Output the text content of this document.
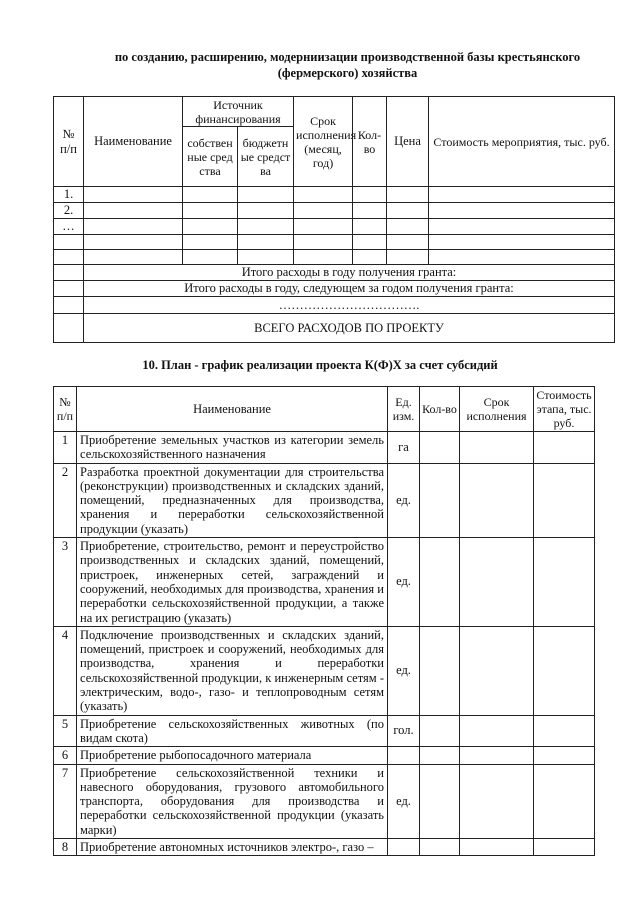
по созданию, расширению, модерниизации производственной базы крестьянского
(фермерского) хозяйства
№ п/п	Наименование	Источник финансирования		Срок исполнения (месяц, год)	Кол-во	Цена	Стоимость мероприятия, тыс. руб.
		собственные средства	бюджетные средства				
1.							
2.							
…							

	Итого расходы в году получения гранта:						
	Итого расходы в году, следующем за годом получения гранта:						
	…………………………….						
	ВСЕГО РАСХОДОВ ПО ПРОЕКТУ						
10. План - график реализации проекта К(Ф)Х за счет субсидий
№ п/п	Наименование	Ед. изм.	Кол-во	Срок исполнения	Стоимость этапа, тыс. руб.
1	Приобретение земельных участков из категории земель сельскохозяйственного назначения	га			
2	Разработка проектной документации для строительства (реконструкции) производственных и складских зданий, помещений, предназначенных для производства, хранения и переработки сельскохозяйственной продукции (указать)	ед.			
3	Приобретение, строительство, ремонт и переустройство производственных и складских зданий, помещений, пристроек, инженерных сетей, заграждений и сооружений, необходимых для производства, хранения и переработки сельскохозяйственной продукции, а также на их регистрацию (указать)	ед.			
4	Подключение производственных и складских зданий, помещений, пристроек и сооружений, необходимых для производства, хранения и переработки сельскохозяйственной продукции, к инженерным сетям - электрическим, водо-, газо- и теплопроводным сетям (указать)	ед.			
5	Приобретение сельскохозяйственных животных (по видам скота)	гол.			
6	Приобретение рыбопосадочного материала				
7	Приобретение сельскохозяйственной техники и навесного оборудования, грузового автомобильного транспорта, оборудования для производства и переработки сельскохозяйственной продукции (указать марки)	ед.			
8	Приобретение автономных источников электро-, газо –				
